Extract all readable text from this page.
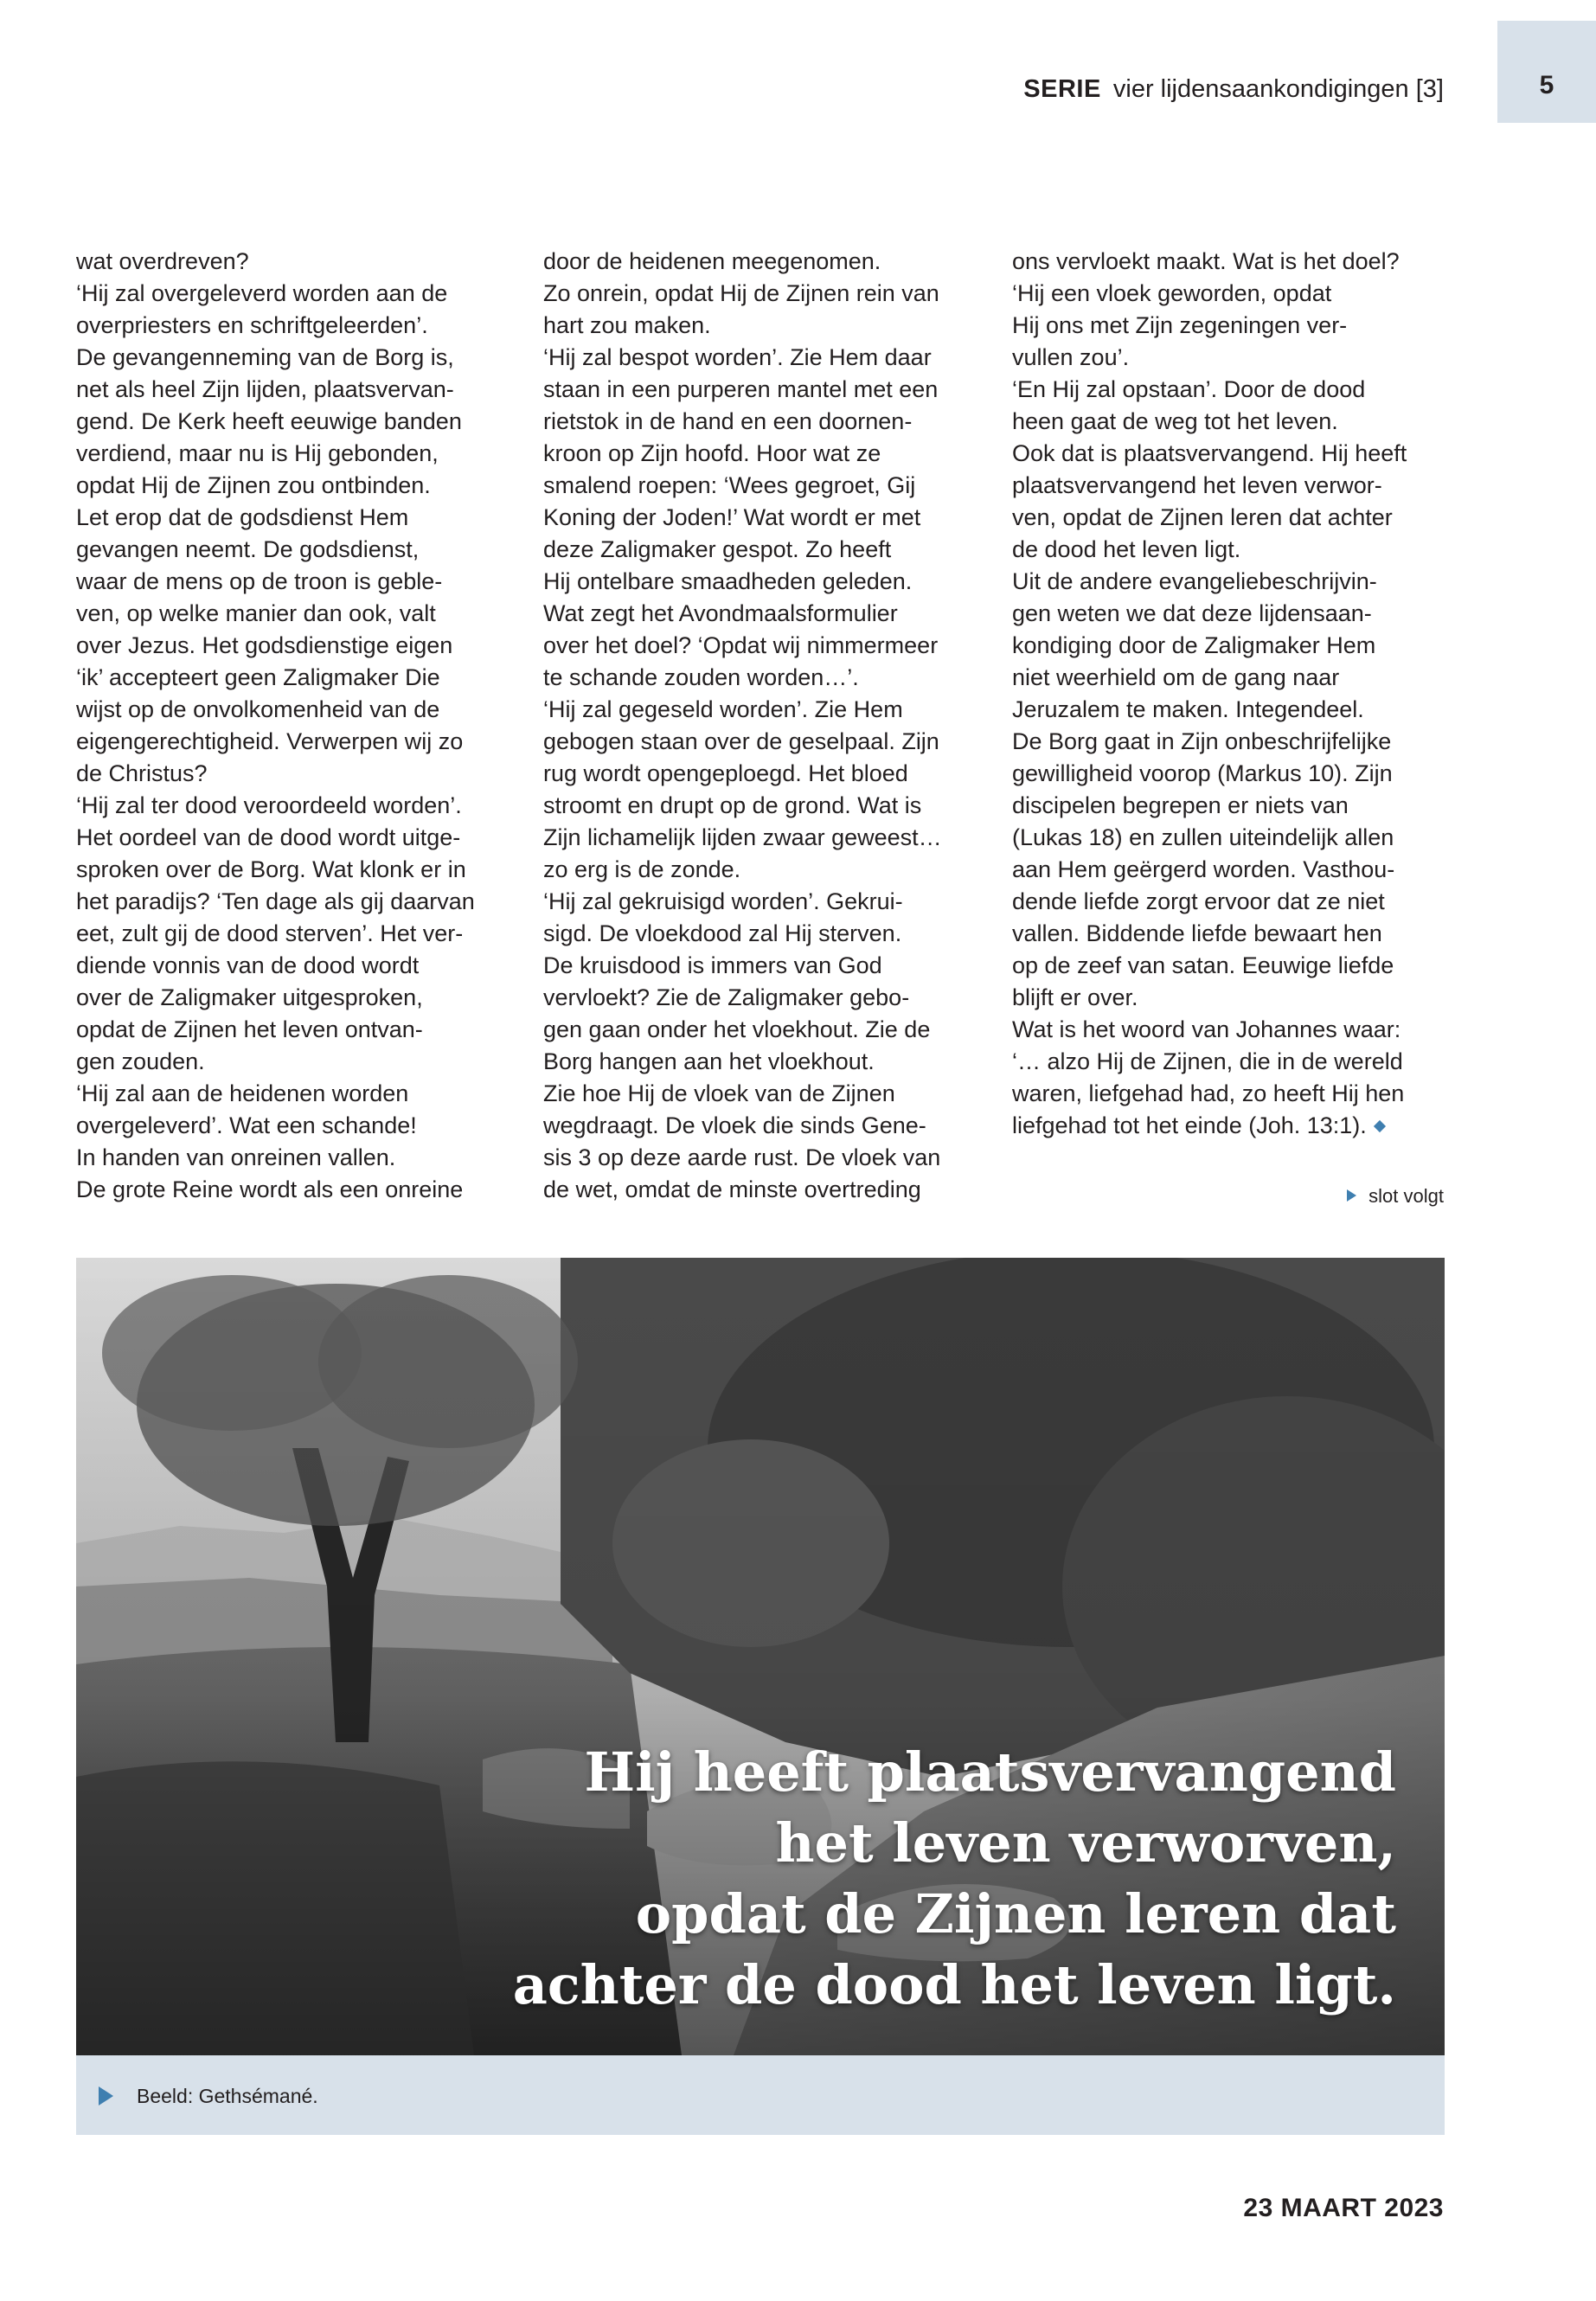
5
SERIE vier lijdensaankondigingen [3]
wat overdreven?
‘Hij zal overgeleverd worden aan de
overpriesters en schriftgeleerden’.
De gevangenneming van de Borg is,
net als heel Zijn lijden, plaatsvervan-
gend. De Kerk heeft eeuwige banden
verdiend, maar nu is Hij gebonden,
opdat Hij de Zijnen zou ontbinden.
Let erop dat de godsdienst Hem
gevangen neemt. De godsdienst,
waar de mens op de troon is geble-
ven, op welke manier dan ook, valt
over Jezus. Het godsdienstige eigen
‘ik’ accepteert geen Zaligmaker Die
wijst op de onvolkomenheid van de
eigengerechtigheid. Verwerpen wij zo
de Christus?
‘Hij zal ter dood veroordeeld worden’.
Het oordeel van de dood wordt uitge-
sproken over de Borg. Wat klonk er in
het paradijs? ‘Ten dage als gij daarvan
eet, zult gij de dood sterven’. Het ver-
diende vonnis van de dood wordt
over de Zaligmaker uitgesproken,
opdat de Zijnen het leven ontvan-
gen zouden.
‘Hij zal aan de heidenen worden
overgeleverd’. Wat een schande!
In handen van onreinen vallen.
De grote Reine wordt als een onreine
door de heidenen meegenomen.
Zo onrein, opdat Hij de Zijnen rein van
hart zou maken.
‘Hij zal bespot worden’. Zie Hem daar
staan in een purperen mantel met een
rietstok in de hand en een doornen-
kroon op Zijn hoofd. Hoor wat ze
smalend roepen: ‘Wees gegroet, Gij
Koning der Joden!’ Wat wordt er met
deze Zaligmaker gespot. Zo heeft
Hij ontelbare smaadheden geleden.
Wat zegt het Avondmaalsformulier
over het doel? ‘Opdat wij nimmermeer
te schande zouden worden…’.
‘Hij zal gegeseld worden’. Zie Hem
gebogen staan over de geselpaal. Zijn
rug wordt opengeploegd. Het bloed
stroomt en drupt op de grond. Wat is
Zijn lichamelijk lijden zwaar geweest…
zo erg is de zonde.
‘Hij zal gekruisigd worden’. Gekrui-
sigd. De vloekdood zal Hij sterven.
De kruisdood is immers van God
vervloekt? Zie de Zaligmaker gebo-
gen gaan onder het vloekhout. Zie de
Borg hangen aan het vloekhout.
Zie hoe Hij de vloek van de Zijnen
wegdraagt. De vloek die sinds Gene-
sis 3 op deze aarde rust. De vloek van
de wet, omdat de minste overtreding
ons vervloekt maakt. Wat is het doel?
‘Hij een vloek geworden, opdat
Hij ons met Zijn zegeningen ver-
vullen zou’.
‘En Hij zal opstaan’. Door de dood
heen gaat de weg tot het leven.
Ook dat is plaatsvervangend. Hij heeft
plaatsvervangend het leven verwor-
ven, opdat de Zijnen leren dat achter
de dood het leven ligt.
Uit de andere evangeliebeschrijvin-
gen weten we dat deze lijdensaan-
kondiging door de Zaligmaker Hem
niet weerhield om de gang naar
Jeruzalem te maken. Integendeel.
De Borg gaat in Zijn onbeschrijfelijke
gewilligheid voorop (Markus 10). Zijn
discipelen begrepen er niets van
(Lukas 18) en zullen uiteindelijk allen
aan Hem geërgerd worden. Vasthou-
dende liefde zorgt ervoor dat ze niet
vallen. Biddende liefde bewaart hen
op de zeef van satan. Eeuwige liefde
blijft er over.
Wat is het woord van Johannes waar:
‘… alzo Hij de Zijnen, die in de wereld
waren, liefgehad had, zo heeft Hij hen
liefgehad tot het einde (Joh. 13:1).
slot volgt
Hij heeft plaatsvervangend
het leven verworven,
opdat de Zijnen leren dat
achter de dood het leven ligt.
Beeld: Gethsémané.
23 MAART 2023
